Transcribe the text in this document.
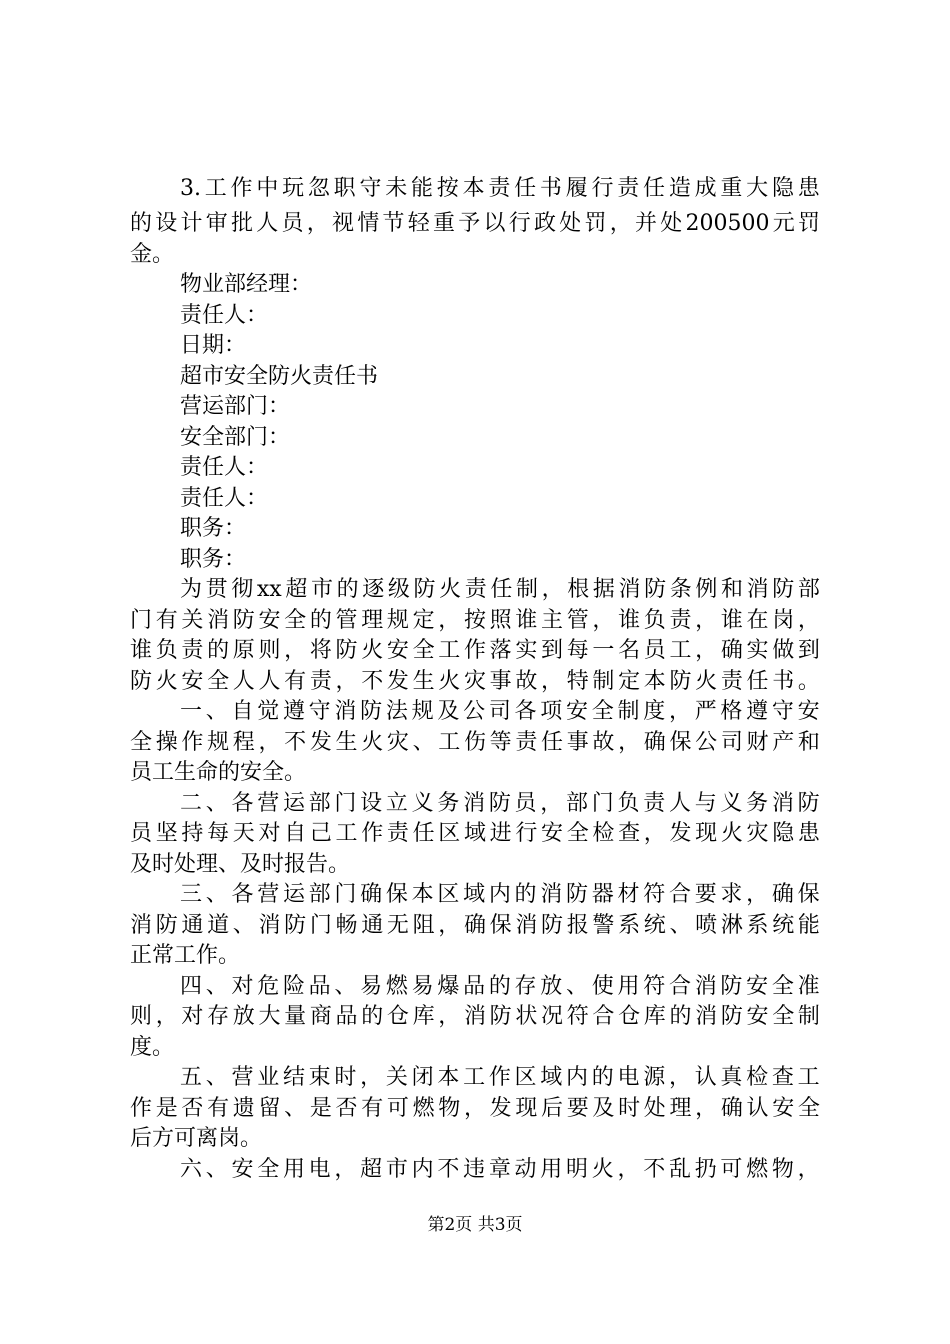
3. 工 作 中 玩 忽 职 守 未 能 按 本 责 任 书 履 行 责 任 造 成 重 大 隐 患
的 设 计 审 批 人 员 ， 视 情 节 轻 重 予 以 行 政 处 罚 ， 并 处 200500 元 罚
金。
物业部经理：
责任人：
日期：
超市安全防火责任书
营运部门：
安全部门：
责任人：
责任人：
职务：
职务：
为 贯 彻 xx 超 市 的 逐 级 防 火 责 任 制 ， 根 据 消 防 条 例 和 消 防 部
门 有 关 消 防 安 全 的 管 理 规 定 ， 按 照 谁 主 管 ， 谁 负 责 ， 谁 在 岗 ，
谁 负 责 的 原 则 ， 将 防 火 安 全 工 作 落 实 到 每 一 名 员 工 ， 确 实 做 到
防 火 安 全 人 人 有 责 ， 不 发 生 火 灾 事 故 ， 特 制 定 本 防 火 责 任 书 。
一 、 自 觉 遵 守 消 防 法 规 及 公 司 各 项 安 全 制 度 ， 严 格 遵 守 安
全 操 作 规 程 ， 不 发 生 火 灾 、 工 伤 等 责 任 事 故 ， 确 保 公 司 财 产 和
员工生命的安全。
二 、 各 营 运 部 门 设 立 义 务 消 防 员 ， 部 门 负 责 人 与 义 务 消 防
员 坚 持 每 天 对 自 己 工 作 责 任 区 域 进 行 安 全 检 查 ， 发 现 火 灾 隐 患
及时处理、及时报告。
三 、 各 营 运 部 门 确 保 本 区 域 内 的 消 防 器 材 符 合 要 求 ， 确 保
消 防 通 道 、 消 防 门 畅 通 无 阻 ， 确 保 消 防 报 警 系 统 、 喷 淋 系 统 能
正常工作。
四 、 对 危 险 品 、 易 燃 易 爆 品 的 存 放 、 使 用 符 合 消 防 安 全 准
则 ， 对 存 放 大 量 商 品 的 仓 库 ， 消 防 状 况 符 合 仓 库 的 消 防 安 全 制
度。
五 、 营 业 结 束 时 ， 关 闭 本 工 作 区 域 内 的 电 源 ， 认 真 检 查 工
作 是 否 有 遗 留 、 是 否 有 可 燃 物 ， 发 现 后 要 及 时 处 理 ， 确 认 安 全
后方可离岗。
六 、 安 全 用 电 ， 超 市 内 不 违 章 动 用 明 火 ， 不 乱 扔 可 燃 物 ，
第2页 共3页
